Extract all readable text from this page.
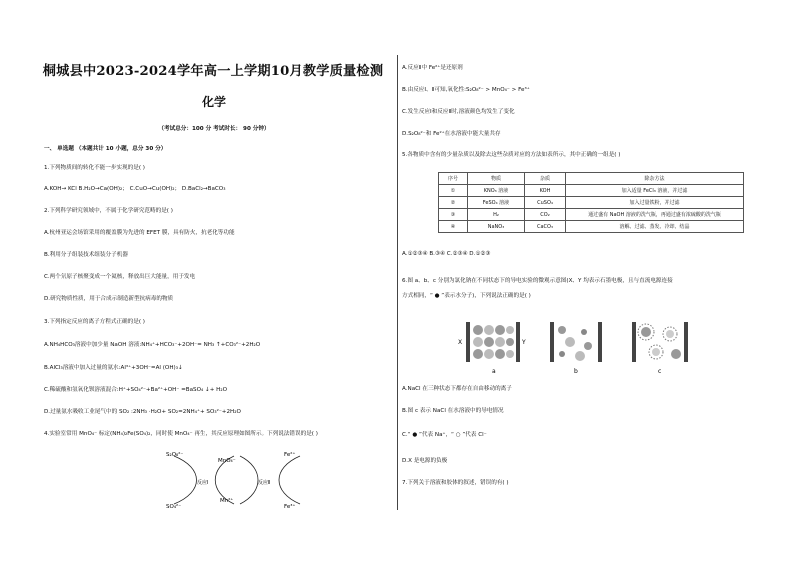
桐城县中2023-2024学年高一上学期10月教学质量检测
化学
（考试总分：100 分 考试时长： 90 分钟）
一、 单选题 （本题共计 10 小题，总分 30 分）
1.下列物质间的转化不能一步实现的是( )
A.KOH→ KCl B.H₂O→Ca(OH)₂； C.CuO→Cu(OH)₂； D.BaCl₂→BaCO₃
2.下列科学研究领域中，不属于化学研究范畴的是( )
A.杭州亚运会场馆采用的覆盖膜为先进的 EFET 膜，具有防火，抗老化等功能
B.利用分子组装技术组装分子机器
C.两个氘原子核聚变成一个氦核，释放出巨大能量，用于发电
D.研究物质性质，用于合成示制造新型抗病毒的物质
3.下列指定反应的离子方程式正确的是( )
A.NH₄HCO₃溶液中加少量 NaOH 溶液:NH₄⁺+HCO₃⁻+2OH⁻= NH₃ ↑+CO₃²⁻+2H₂O
B.AlCl₃溶液中加入过量的氨水:Al³⁺+3OH⁻=Al (OH)₃↓
C.稀硫酸和氢氧化钡溶液混合:H⁺+SO₄²⁻+Ba²⁺+OH⁻ =BaSO₄ ↓+ H₂O
D.过量氨水吸收工业尾气中的 SO₂ :2NH₃ ·H₂O+ SO₂=2NH₄⁺+ SO₃²⁻+2H₂O
4.实验室常用 MnO₄⁻ 标定(NH₄)₂Fe(SO₄)₂，同时使 MnO₄⁻ 再生，其反应原理如图所示。下列说法错误的是( )
S₂O₈²⁻
SO₄²⁻
MnO₄⁻
Mn²⁺
Fe²⁺
Fe³⁺
反应Ⅰ	反应Ⅱ
A.反应Ⅱ中 Fe²⁺是还原剂
B.由反应Ⅰ、Ⅱ可知,氧化性:S₂O₈²⁻ > MnO₄⁻ > Fe³⁺
C.发生反应Ⅰ和反应Ⅱ时,溶液颜色均发生了变化
D.S₂O₈²⁻和 Fe²⁺在水溶液中能大量共存
5.各物质中含有的少量杂质以及除去这些杂质对应的方法如表所示，其中正确的一组是( )
序号	物质	杂质	除杂方法
①	KNO₃ 溶液	KOH	加入适量 FeCl₃ 溶液，并过滤
②	FeSO₄ 溶液	CuSO₄	加入过量铁粉，并过滤
③	H₂	CO₂	通过盛有 NaOH 溶液的洗气瓶，再通过盛有浓硫酸的洗气瓶
④	NaNO₃	CaCO₃	溶解、过滤、蒸发、冷却、结晶
A.①②③④ B.③④ C.②③④ D.①②③
6.图 a、b、c 分别为氯化钠在不同状态下的导电实验的微观示意图(X、Y 均表示石墨电极，且与直流电源连接
方式相同，“ ● ”表示水分子)，下列说法正确的是( )
X	Y
a	b	c
A.NaCl 在三种状态下都存在自由移动的离子
B.图 c 表示 NaCl 在水溶液中的导电情况
C.“ ● ”代表 Na⁺，“ ○ ”代表 Cl⁻
D.X 是电源的负极
7.下列关于溶液和胶体的叙述，错误的有( )
